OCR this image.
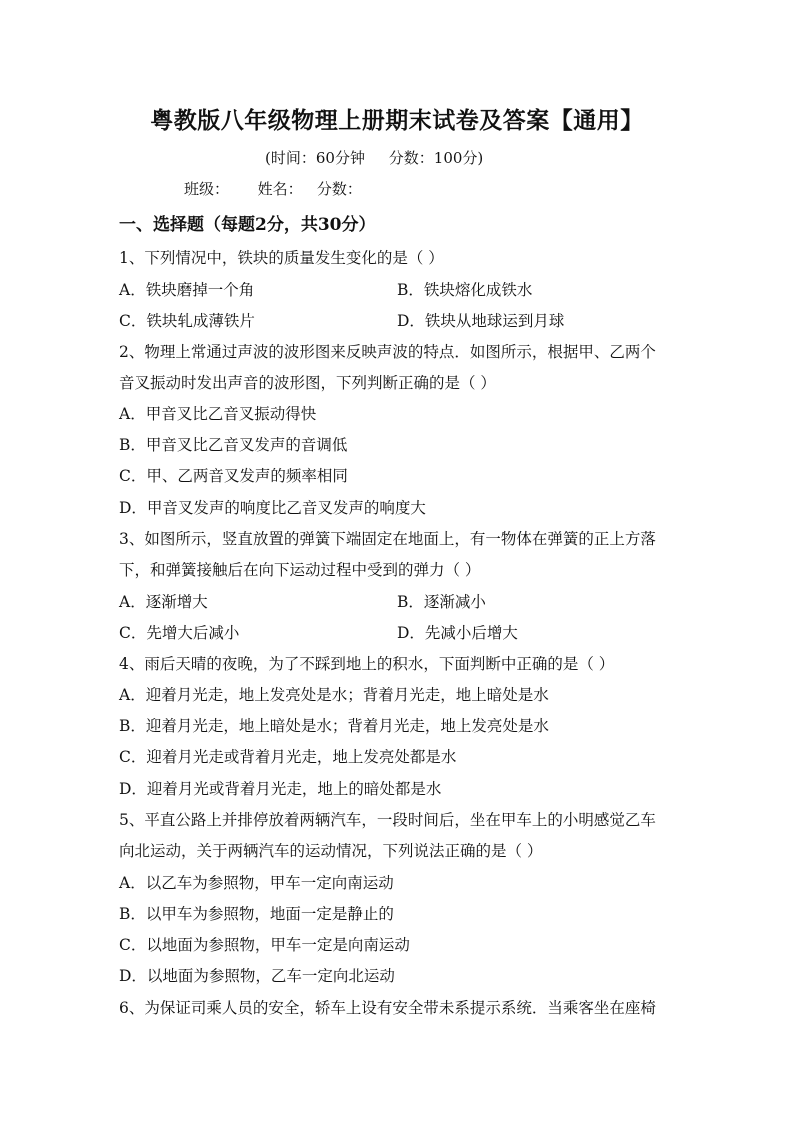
粤教版八年级物理上册期末试卷及答案【通用】
(时间：60分钟     分数：100分)
班级：      姓名：   分数：
一、选择题（每题2分，共30分）
1、下列情况中，铁块的质量发生变化的是（ ）
A．铁块磨掉一个角	B．铁块熔化成铁水
C．铁块轧成薄铁片	D．铁块从地球运到月球
2、物理上常通过声波的波形图来反映声波的特点．如图所示，根据甲、乙两个
音叉振动时发出声音的波形图，下列判断正确的是（ ）
A．甲音叉比乙音叉振动得快
B．甲音叉比乙音叉发声的音调低
C．甲、乙两音叉发声的频率相同
D．甲音叉发声的响度比乙音叉发声的响度大
3、如图所示，竖直放置的弹簧下端固定在地面上，有一物体在弹簧的正上方落
下，和弹簧接触后在向下运动过程中受到的弹力（ ）
A．逐渐增大	B．逐渐减小
C．先增大后减小	D．先减小后增大
4、雨后天晴的夜晚，为了不踩到地上的积水，下面判断中正确的是（ ）
A．迎着月光走，地上发亮处是水；背着月光走，地上暗处是水
B．迎着月光走，地上暗处是水；背着月光走，地上发亮处是水
C．迎着月光走或背着月光走，地上发亮处都是水
D．迎着月光或背着月光走，地上的暗处都是水
5、平直公路上并排停放着两辆汽车，一段时间后，坐在甲车上的小明感觉乙车
向北运动，关于两辆汽车的运动情况，下列说法正确的是（ ）
A．以乙车为参照物，甲车一定向南运动
B．以甲车为参照物，地面一定是静止的
C．以地面为参照物，甲车一定是向南运动
D．以地面为参照物，乙车一定向北运动
6、为保证司乘人员的安全，轿车上设有安全带未系提示系统．当乘客坐在座椅
